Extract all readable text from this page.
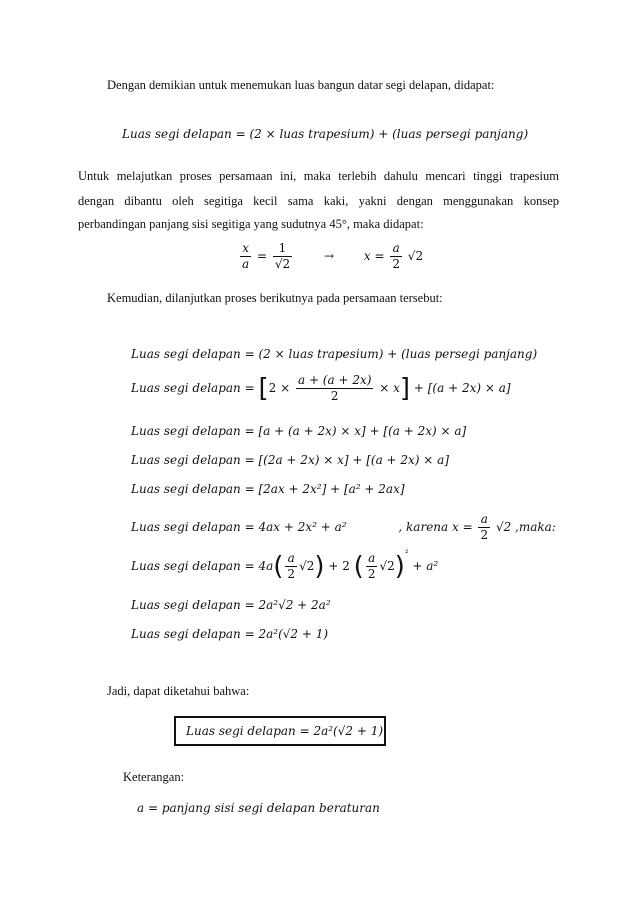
Dengan demikian untuk menemukan luas bangun datar segi delapan, didapat:
Luas segi delapan = (2 × luas trapesium) + (luas persegi panjang)
Untuk melajutkan proses persamaan ini, maka terlebih dahulu mencari tinggi trapesium
dengan dibantu oleh segitiga kecil sama kaki, yakni dengan menggunakan konsep
perbandingan panjang sisi segitiga yang sudutnya 45°, maka didapat:
$\frac{x}{a} = \frac{1}{√2}$	→ $x = \frac{a}{2} √2$
Kemudian, dilanjutkan proses berikutnya pada persamaan tersebut:
Luas segi delapan = (2 × luas trapesium) + (luas persegi panjang)
Luas segi delapan = $[2 \times \frac{a + (a + 2x)}{2} \times x] + [(a + 2x) \times a]$
Luas segi delapan = [a + (a + 2x) × x] + [(a + 2x) × a]
Luas segi delapan = [(2a + 2x) × x] + [(a + 2x) × a]
Luas segi delapan = [2ax + 2x²] + [a² + 2ax]
Luas segi delapan = 4ax + 2x² + a²	, karena $x = \frac{a}{2} √2$ ,maka:
Luas segi delapan = $4a( \frac{a}{2} √2) + 2$ ( $\frac{a}{2} √2)^{^2} + a^2$
Luas segi delapan = 2a²√2 + 2a²
Luas segi delapan = 2a²(√2 + 1)
Jadi, dapat diketahui bahwa:
Luas segi delapan = 2a²(√2 + 1)
Keterangan:
a = panjang sisi segi delapan beraturan
